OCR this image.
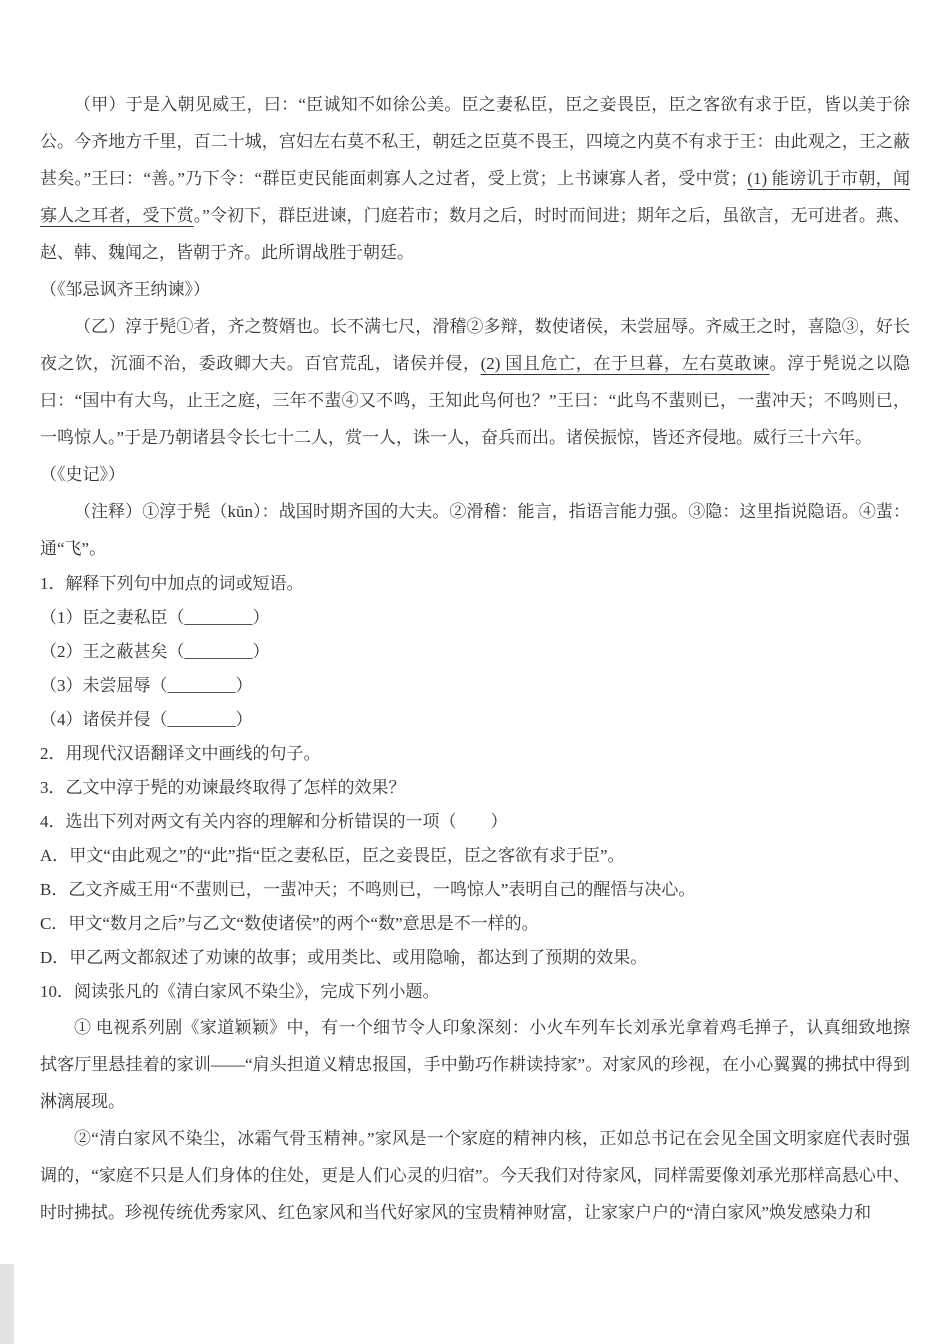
（甲）于是入朝见威王，曰：“臣诚知不如徐公美。臣之妻私臣，臣之妾畏臣，臣之客欲有求于臣，皆以美于徐公。今齐地方千里，百二十城，宫妇左右莫不私王，朝廷之臣莫不畏王，四境之内莫不有求于王：由此观之，王之蔽甚矣。”王曰：“善。”乃下令：“群臣吏民能面刺寡人之过者，受上赏；上书谏寡人者，受中赏；(1) 能谤讥于市朝，闻寡人之耳者，受下赏。”令初下，群臣进谏，门庭若市；数月之后，时时而间进；期年之后，虽欲言，无可进者。燕、赵、韩、魏闻之，皆朝于齐。此所谓战胜于朝廷。

（《邹忌讽齐王纳谏》）

（乙）淳于髡①者，齐之赘婿也。长不满七尺，滑稽②多辩，数使诸侯，未尝屈辱。齐威王之时，喜隐③，好长夜之饮，沉湎不治，委政卿大夫。百官荒乱，诸侯并侵，(2) 国且危亡，在于旦暮，左右莫敢谏。淳于髡说之以隐曰：“国中有大鸟，止王之庭，三年不蜚④又不鸣，王知此鸟何也？”王曰：“此鸟不蜚则已，一蜚冲天；不鸣则已，一鸣惊人。”于是乃朝诸县令长七十二人，赏一人，诛一人，奋兵而出。诸侯振惊，皆还齐侵地。威行三十六年。

（《史记》）

（注释）①淳于髡（kūn）：战国时期齐国的大夫。②滑稽：能言，指语言能力强。③隐：这里指说隐语。④蜚：通“飞”。

1．解释下列句中加点的词或短语。

（1）臣之妻私臣（________）

（2）王之蔽甚矣（________）

（3）未尝屈辱（________）

（4）诸侯并侵（________）

2．用现代汉语翻译文中画线的句子。

3．乙文中淳于髡的劝谏最终取得了怎样的效果？

4．选出下列对两文有关内容的理解和分析错误的一项（　　）

A．甲文“由此观之”的“此”指“臣之妻私臣，臣之妾畏臣，臣之客欲有求于臣”。

B．乙文齐威王用“不蜚则已，一蜚冲天；不鸣则已，一鸣惊人”表明自己的醒悟与决心。

C．甲文“数月之后”与乙文“数使诸侯”的两个“数”意思是不一样的。

D．甲乙两文都叙述了劝谏的故事；或用类比、或用隐喻，都达到了预期的效果。

10．阅读张凡的《清白家风不染尘》，完成下列小题。

① 电视系列剧《家道颖颖》中，有一个细节令人印象深刻：小火车列车长刘承光拿着鸡毛掸子，认真细致地擦拭客厅里悬挂着的家训——“肩头担道义精忠报国，手中勤巧作耕读持家”。对家风的珍视，在小心翼翼的拂拭中得到淋漓展现。

②“清白家风不染尘，冰霜气骨玉精神。”家风是一个家庭的精神内核，正如总书记在会见全国文明家庭代表时强调的，“家庭不只是人们身体的住处，更是人们心灵的归宿”。今天我们对待家风，同样需要像刘承光那样高悬心中、时时拂拭。珍视传统优秀家风、红色家风和当代好家风的宝贵精神财富，让家家户户的“清白家风”焕发感染力和
